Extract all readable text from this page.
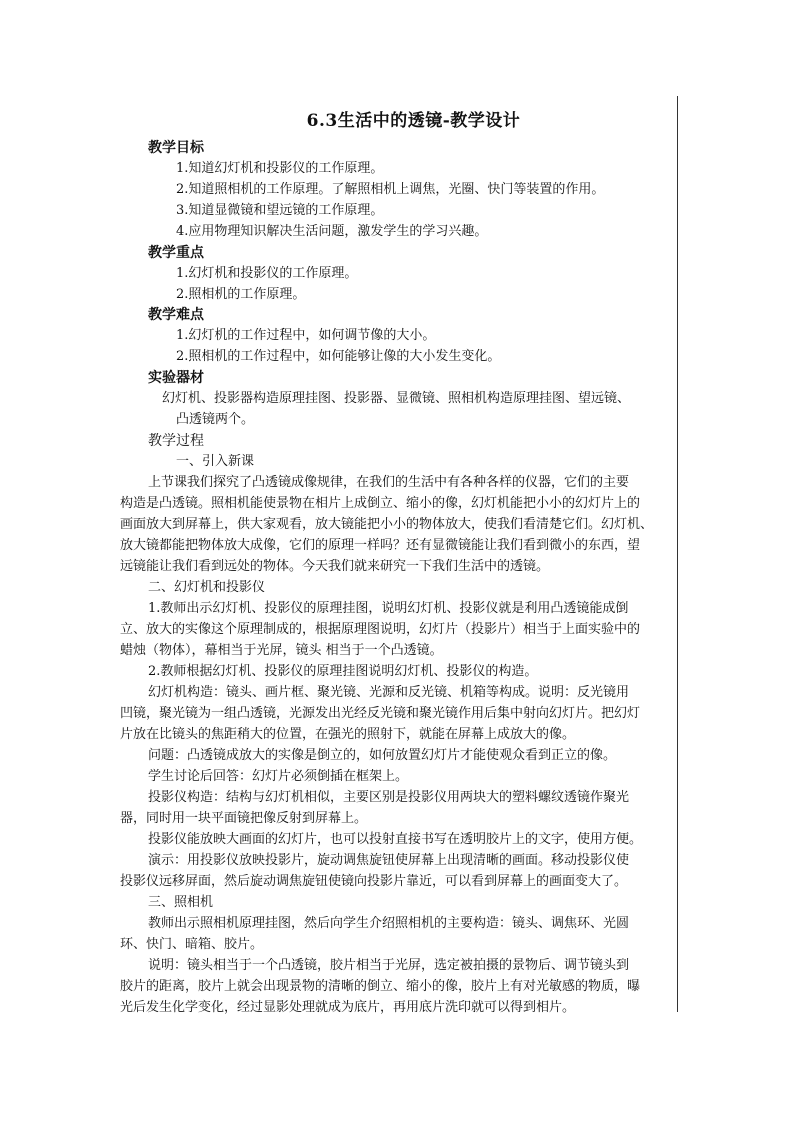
6.3生活中的透镜-教学设计
教学目标
1.知道幻灯机和投影仪的工作原理。
2.知道照相机的工作原理。了解照相机上调焦，光圈、快门等装置的作用。
3.知道显微镜和望远镜的工作原理。
4.应用物理知识解决生活问题，激发学生的学习兴趣。
教学重点
1.幻灯机和投影仪的工作原理。
2.照相机的工作原理。
教学难点
1.幻灯机的工作过程中，如何调节像的大小。
2.照相机的工作过程中，如何能够让像的大小发生变化。
实验器材
幻灯机、投影器构造原理挂图、投影器、显微镜、照相机构造原理挂图、望远镜、
凸透镜两个。
教学过程
一、引入新课
上节课我们探究了凸透镜成像规律，在我们的生活中有各种各样的仪器，它们的主要
构造是凸透镜。照相机能使景物在相片上成倒立、缩小的像，幻灯机能把小小的幻灯片上的
画面放大到屏幕上，供大家观看，放大镜能把小小的物体放大，使我们看清楚它们。幻灯机、
放大镜都能把物体放大成像，它们的原理一样吗？还有显微镜能让我们看到微小的东西，望
远镜能让我们看到远处的物体。今天我们就来研究一下我们生活中的透镜。
二、幻灯机和投影仪
1.教师出示幻灯机、投影仪的原理挂图，说明幻灯机、投影仪就是利用凸透镜能成倒
立、放大的实像这个原理制成的，根据原理图说明，幻灯片（投影片）相当于上面实验中的
蜡烛（物体），幕相当于光屏，镜头 相当于一个凸透镜。
2.教师根据幻灯机、投影仪的原理挂图说明幻灯机、投影仪的构造。
幻灯机构造：镜头、画片框、聚光镜、光源和反光镜、机箱等构成。说明：反光镜用
凹镜，聚光镜为一组凸透镜，光源发出光经反光镜和聚光镜作用后集中射向幻灯片。把幻灯
片放在比镜头的焦距稍大的位置，在强光的照射下，就能在屏幕上成放大的像。
问题：凸透镜成放大的实像是倒立的，如何放置幻灯片才能使观众看到正立的像。
学生讨论后回答：幻灯片必须倒插在框架上。
投影仪构造：结构与幻灯机相似，主要区别是投影仪用两块大的塑料螺纹透镜作聚光
器，同时用一块平面镜把像反射到屏幕上。
投影仪能放映大画面的幻灯片，也可以投射直接书写在透明胶片上的文字，使用方便。
演示：用投影仪放映投影片，旋动调焦旋钮使屏幕上出现清晰的画面。移动投影仪使
投影仪远移屏面，然后旋动调焦旋钮使镜向投影片靠近，可以看到屏幕上的画面变大了。
三、照相机
教师出示照相机原理挂图，然后向学生介绍照相机的主要构造：镜头、调焦环、光圆
环、快门、暗箱、胶片。
说明：镜头相当于一个凸透镜，胶片相当于光屏，选定被拍摄的景物后、调节镜头到
胶片的距离，胶片上就会出现景物的清晰的倒立、缩小的像，胶片上有对光敏感的物质，曝
光后发生化学变化，经过显影处理就成为底片，再用底片洗印就可以得到相片。
